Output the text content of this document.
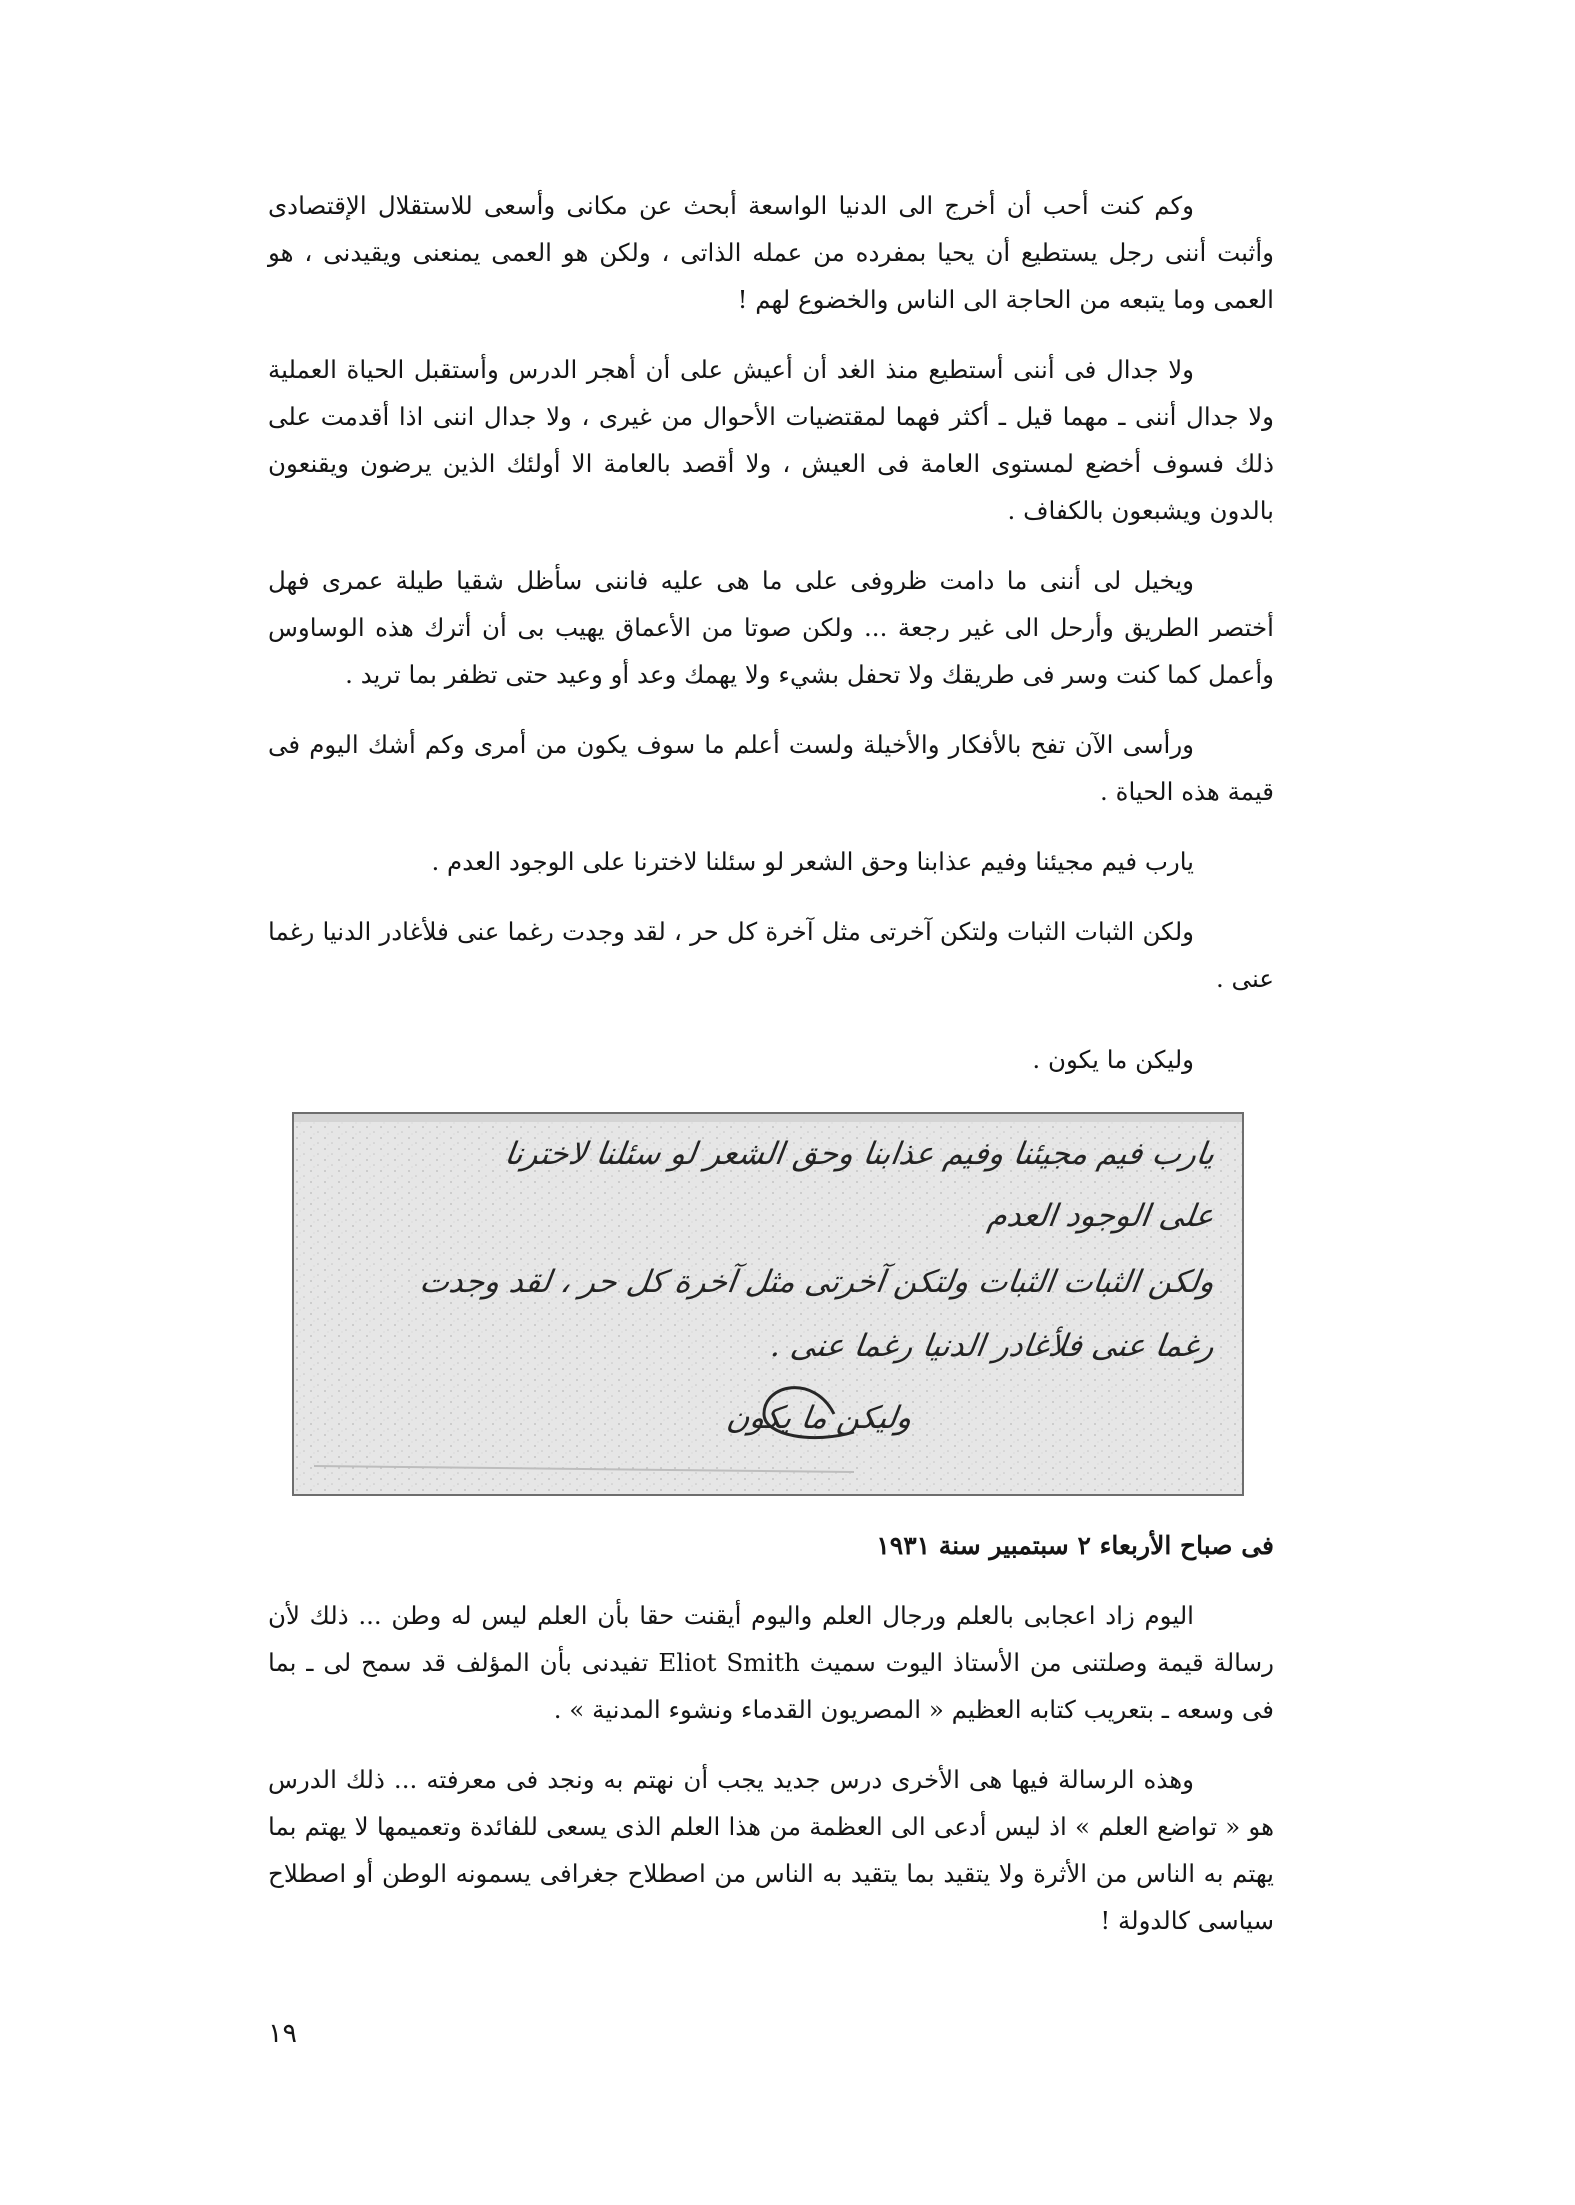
وكم كنت أحب أن أخرج الى الدنيا الواسعة أبحث عن مكانى وأسعى للاستقلال الإقتصادى وأثبت أننى رجل يستطيع أن يحيا بمفرده من عمله الذاتى ، ولكن هو العمى يمنعنى ويقيدنى ، هو العمى وما يتبعه من الحاجة الى الناس والخضوع لهم !

ولا جدال فى أننى أستطيع منذ الغد أن أعيش على أن أهجر الدرس وأستقبل الحياة العملية ولا جدال أننى ـ مهما قيل ـ أكثر فهما لمقتضيات الأحوال من غيرى ، ولا جدال اننى اذا أقدمت على ذلك فسوف أخضع لمستوى العامة فى العيش ، ولا أقصد بالعامة الا أولئك الذين يرضون ويقنعون بالدون ويشبعون بالكفاف .

ويخيل لى أننى ما دامت ظروفى على ما هى عليه فاننى سأظل شقيا طيلة عمرى فهل أختصر الطريق وأرحل الى غير رجعة ... ولكن صوتا من الأعماق يهيب بى أن أترك هذه الوساوس وأعمل كما كنت وسر فى طريقك ولا تحفل بشيء ولا يهمك وعد أو وعيد حتى تظفر بما تريد .

ورأسى الآن تفح بالأفكار والأخيلة ولست أعلم ما سوف يكون من أمرى وكم أشك اليوم فى قيمة هذه الحياة .

يارب فيم مجيئنا وفيم عذابنا وحق الشعر لو سئلنا لاخترنا على الوجود العدم .

ولكن الثبات الثبات ولتكن آخرتى مثل آخرة كل حر ، لقد وجدت رغما عنى فلأغادر الدنيا رغما عنى .

وليكن ما يكون .

يارب فيم مجيئنا وفيم عذابنا وحق الشعر لو سئلنا لاخترنا
على الوجود العدم
ولكن الثبات الثبات ولتكن آخرتى مثل آخرة كل حر ، لقد وجدت
رغما عنى فلأغادر الدنيا رغما عنى .
وليكن ما يكون
فى صباح الأربعاء ٢ سبتمبير سنة ١٩٣١

اليوم زاد اعجابى بالعلم ورجال العلم واليوم أيقنت حقا بأن العلم ليس له وطن ... ذلك لأن رسالة قيمة وصلتنى من الأستاذ اليوت سميث Eliot Smith تفيدنى بأن المؤلف قد سمح لى ـ بما فى وسعه ـ بتعريب كتابه العظيم « المصريون القدماء ونشوء المدنية » .

وهذه الرسالة فيها هى الأخرى درس جديد يجب أن نهتم به ونجد فى معرفته ... ذلك الدرس هو « تواضع العلم » اذ ليس أدعى الى العظمة من هذا العلم الذى يسعى للفائدة وتعميمها لا يهتم بما يهتم به الناس من الأثرة ولا يتقيد بما يتقيد به الناس من اصطلاح جغرافى يسمونه الوطن أو اصطلاح سياسى كالدولة !

١٩
